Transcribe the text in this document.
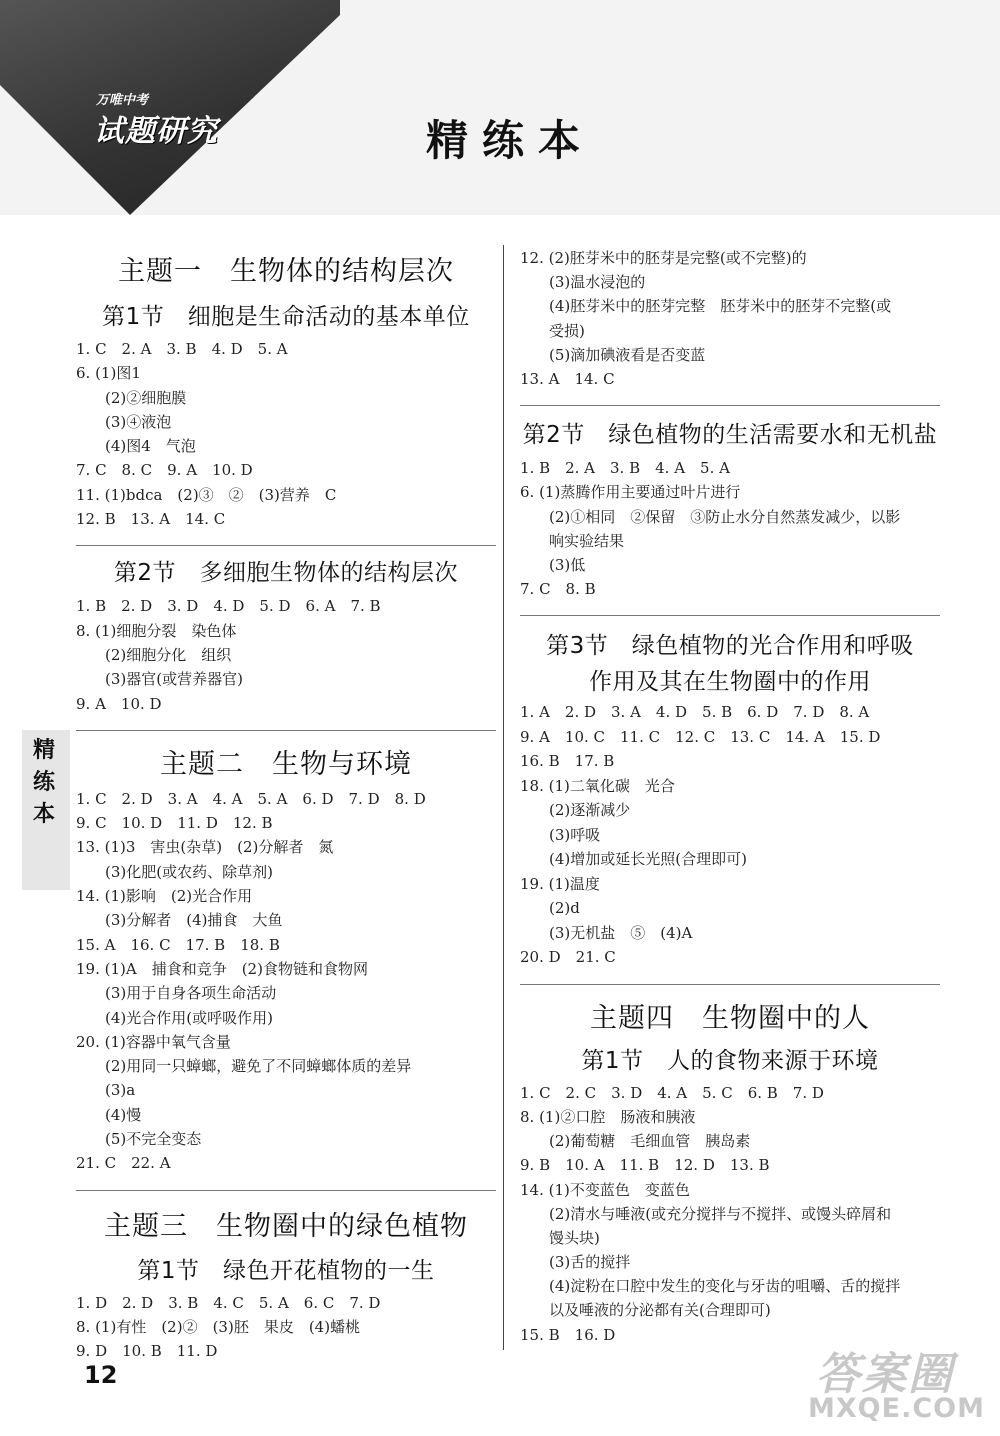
万唯中考
试题研究	精练本
精练本
主题一　生物体的结构层次
第1节　细胞是生命活动的基本单位
1. C　2. A　3. B　4. D　5. A
6. (1)图1
(2)②细胞膜
(3)④液泡
(4)图4　气泡
7. C　8. C　9. A　10. D
11. (1)bdca　(2)③　②　(3)营养　C
12. B　13. A　14. C
第2节　多细胞生物体的结构层次
1. B　2. D　3. D　4. D　5. D　6. A　7. B
8. (1)细胞分裂　染色体
(2)细胞分化　组织
(3)器官(或营养器官)
9. A　10. D
主题二　生物与环境
1. C　2. D　3. A　4. A　5. A　6. D　7. D　8. D
9. C　10. D　11. D　12. B
13. (1)3　害虫(杂草)　(2)分解者　氮
(3)化肥(或农药、除草剂)
14. (1)影响　(2)光合作用
(3)分解者　(4)捕食　大鱼
15. A　16. C　17. B　18. B
19. (1)A　捕食和竞争　(2)食物链和食物网
(3)用于自身各项生命活动
(4)光合作用(或呼吸作用)
20. (1)容器中氧气含量
(2)用同一只蟑螂，避免了不同蟑螂体质的差异
(3)a
(4)慢
(5)不完全变态
21. C　22. A
主题三　生物圈中的绿色植物
第1节　绿色开花植物的一生
1. D　2. D　3. B　4. C　5. A　6. C　7. D
8. (1)有性　(2)②　(3)胚　果皮　(4)蟠桃
9. D　10. B　11. D
12. (2)胚芽米中的胚芽是完整(或不完整)的
(3)温水浸泡的
(4)胚芽米中的胚芽完整　胚芽米中的胚芽不完整(或
受损)
(5)滴加碘液看是否变蓝
13. A　14. C
第2节　绿色植物的生活需要水和无机盐
1. B　2. A　3. B　4. A　5. A
6. (1)蒸腾作用主要通过叶片进行
(2)①相同　②保留　③防止水分自然蒸发减少，以影
响实验结果
(3)低
7. C　8. B
第3节　绿色植物的光合作用和呼吸
作用及其在生物圈中的作用
1. A　2. D　3. A　4. D　5. B　6. D　7. D　8. A
9. A　10. C　11. C　12. C　13. C　14. A　15. D
16. B　17. B
18. (1)二氧化碳　光合
(2)逐渐减少
(3)呼吸
(4)增加或延长光照(合理即可)
19. (1)温度
(2)d
(3)无机盐　⑤　(4)A
20. D　21. C
主题四　生物圈中的人
第1节　人的食物来源于环境
1. C　2. C　3. D　4. A　5. C　6. B　7. D
8. (1)②口腔　肠液和胰液
(2)葡萄糖　毛细血管　胰岛素
9. B　10. A　11. B　12. D　13. B
14. (1)不变蓝色　变蓝色
(2)清水与唾液(或充分搅拌与不搅拌、或馒头碎屑和
馒头块)
(3)舌的搅拌
(4)淀粉在口腔中发生的变化与牙齿的咀嚼、舌的搅拌
以及唾液的分泌都有关(合理即可)
15. B　16. D
12	答案圈
MXQE.COM
